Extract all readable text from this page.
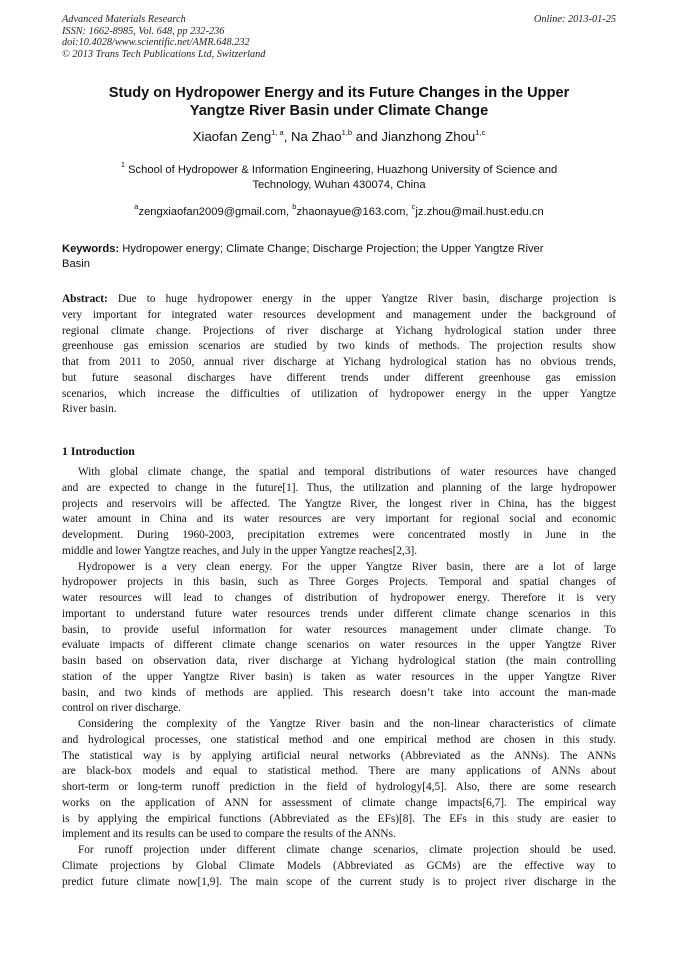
Advanced Materials Research
ISSN: 1662-8985, Vol. 648, pp 232-236
doi:10.4028/www.scientific.net/AMR.648.232
© 2013 Trans Tech Publications Ltd, Switzerland
Online: 2013-01-25
Study on Hydropower Energy and its Future Changes in the Upper
Yangtze River Basin under Climate Change
Xiaofan Zeng$^{1, a}$, Na Zhao$^{1,b}$ and Jianzhong Zhou$^{1,c}$
$^1$ School of Hydropower & Information Engineering, Huazhong University of Science and
Technology, Wuhan 430074, China
$^a$zengxiaofan2009@gmail.com, $^b$zhaonayue@163.com, $^c$jz.zhou@mail.hust.edu.cn
Keywords: Hydropower energy; Climate Change; Discharge Projection; the Upper Yangtze River
Basin
Abstract: Due to huge hydropower energy in the upper Yangtze River basin, discharge projection is
very important for integrated water resources development and management under the background of
regional climate change. Projections of river discharge at Yichang hydrological station under three
greenhouse gas emission scenarios are studied by two kinds of methods. The projection results show
that from 2011 to 2050, annual river discharge at Yichang hydrological station has no obvious trends,
but future seasonal discharges have different trends under different greenhouse gas emission
scenarios, which increase the difficulties of utilization of hydropower energy in the upper Yangtze
River basin.
1 Introduction
With global climate change, the spatial and temporal distributions of water resources have changed
and are expected to change in the future[1]. Thus, the utilization and planning of the large hydropower
projects and reservoirs will be affected. The Yangtze River, the longest river in China, has the biggest
water amount in China and its water resources are very important for regional social and economic
development. During 1960-2003, precipitation extremes were concentrated mostly in June in the
middle and lower Yangtze reaches, and July in the upper Yangtze reaches[2,3].
Hydropower is a very clean energy. For the upper Yangtze River basin, there are a lot of large
hydropower projects in this basin, such as Three Gorges Projects. Temporal and spatial changes of
water resources will lead to changes of distribution of hydropower energy. Therefore it is very
important to understand future water resources trends under different climate change scenarios in this
basin, to provide useful information for water resources management under climate change. To
evaluate impacts of different climate change scenarios on water resources in the upper Yangtze River
basin based on observation data, river discharge at Yichang hydrological station (the main controlling
station of the upper Yangtze River basin) is taken as water resources in the upper Yangtze River
basin, and two kinds of methods are applied. This research doesn’t take into account the man-made
control on river discharge.
Considering the complexity of the Yangtze River basin and the non-linear characteristics of climate
and hydrological processes, one statistical method and one empirical method are chosen in this study.
The statistical way is by applying artificial neural networks (Abbreviated as the ANNs). The ANNs
are black-box models and equal to statistical method. There are many applications of ANNs about
short-term or long-term runoff prediction in the field of hydrology[4,5]. Also, there are some research
works on the application of ANN for assessment of climate change impacts[6,7]. The empirical way
is by applying the empirical functions (Abbreviated as the EFs)[8]. The EFs in this study are easier to
implement and its results can be used to compare the results of the ANNs.
For runoff projection under different climate change scenarios, climate projection should be used.
Climate projections by Global Climate Models (Abbreviated as GCMs) are the effective way to
predict future climate now[1,9]. The main scope of the current study is to project river discharge in the
